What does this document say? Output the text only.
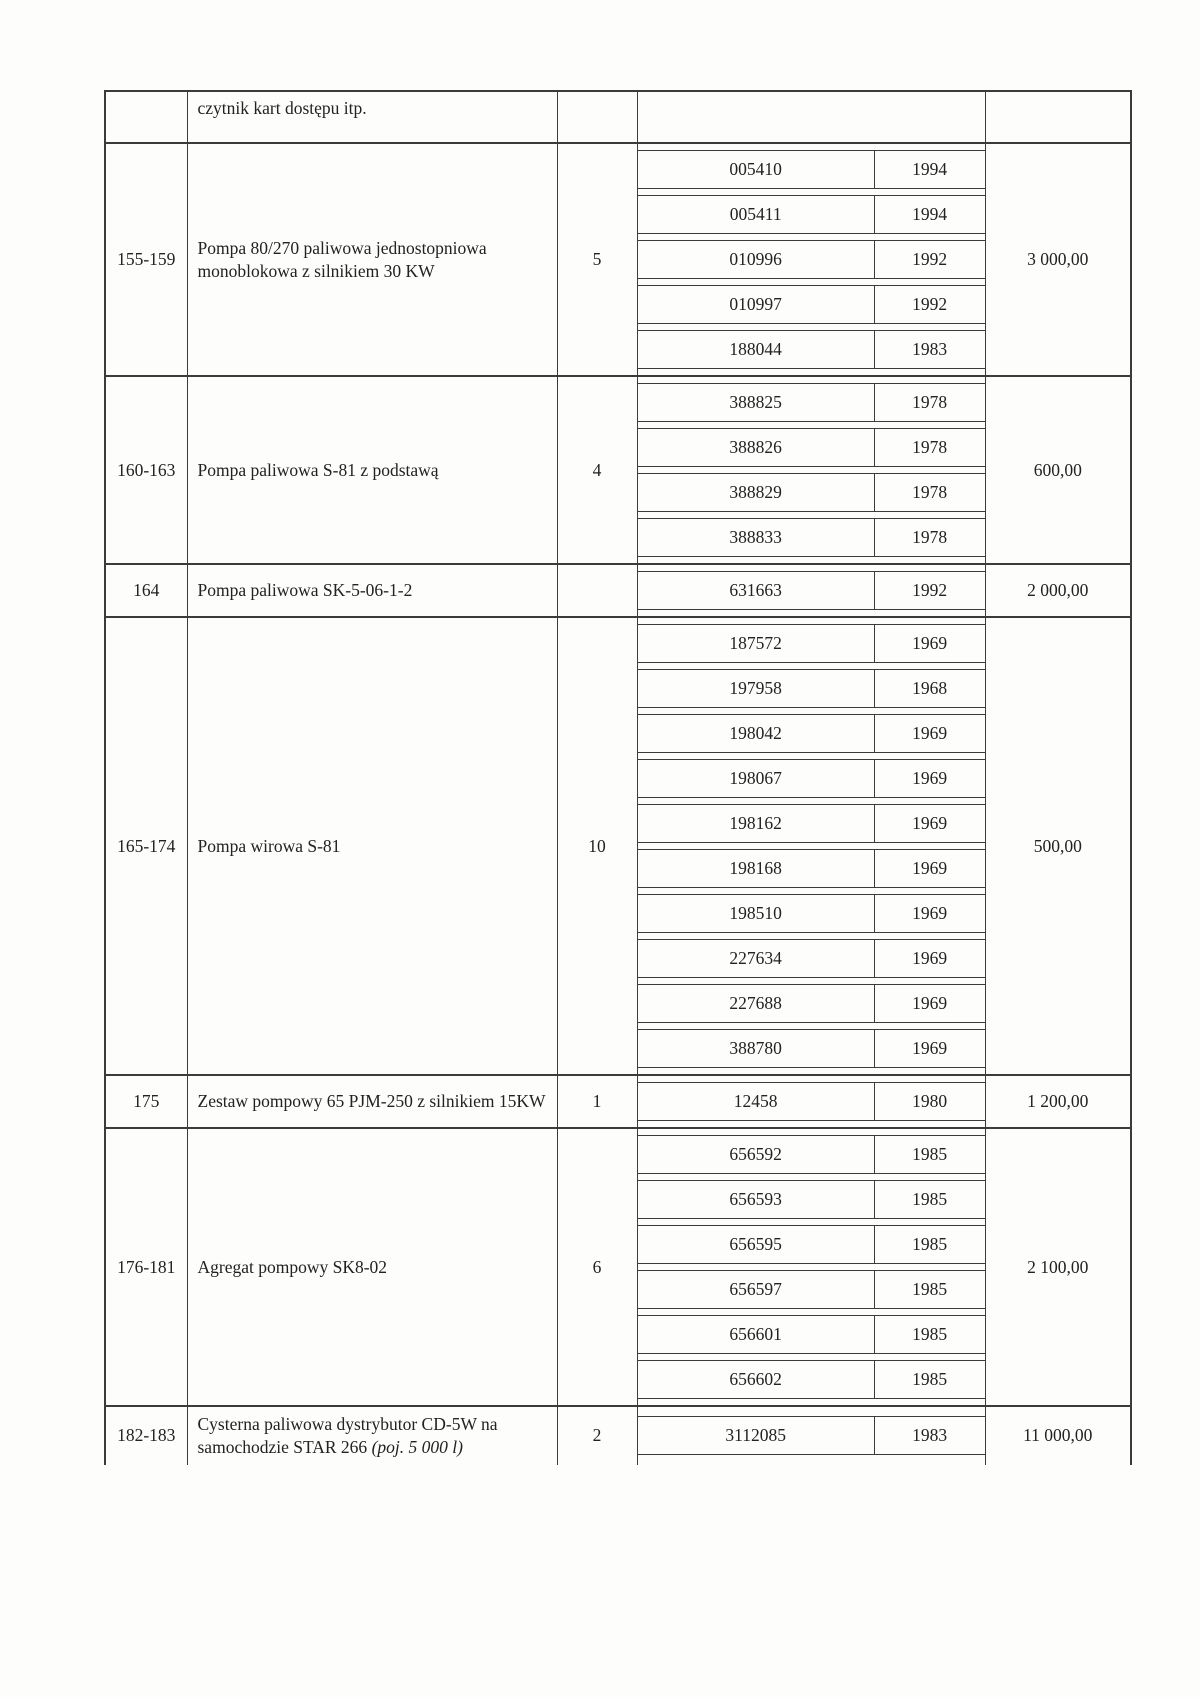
	czytnik kart dostępu itp.		

155-159	Pompa 80/270 paliwowa jednostopniowa monoblokowa z silnikiem 30 KW	5	
005410	1994
005411	1994
010996	1992
010997	1992
188044	1983
	3 000,00
160-163	Pompa paliwowa S-81 z podstawą	4	
388825	1978
388826	1978
388829	1978
388833	1978
	600,00
164	Pompa paliwowa SK-5-06-1-2		631663 1992	2 000,00
165-174	Pompa wirowa S-81	10	
187572	1969
197958	1968
198042	1969
198067	1969
198162	1969
198168	1969
198510	1969
227634	1969
227688	1969
388780	1969
	500,00
175	Zestaw pompowy 65 PJM-250 z silnikiem 15KW	1	12458 1980	1 200,00
176-181	Agregat pompowy SK8-02	6	
656592	1985
656593	1985
656595	1985
656597	1985
656601	1985
656602	1985
	2 100,00
182-183	Cysterna paliwowa dystrybutor CD-5W na samochodzie STAR 266 (poj. 5 000 l)	2	3112085 1983	11 000,00
